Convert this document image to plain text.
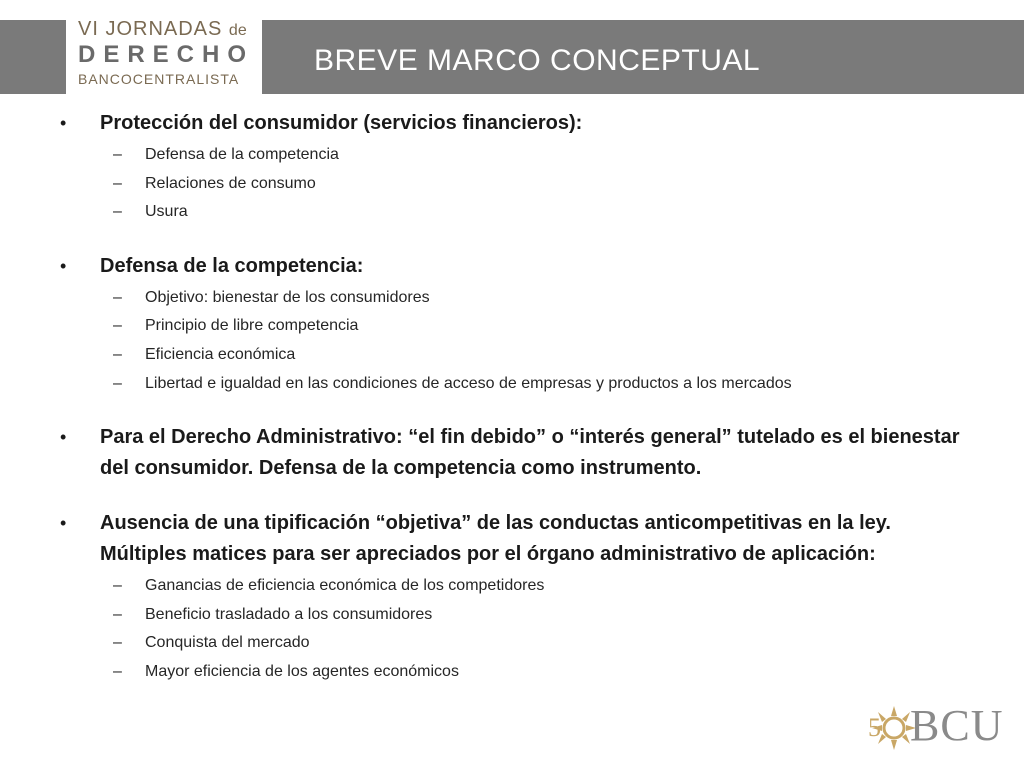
VI JORNADAS de
DERECHO
BANCOCENTRALISTA
BREVE MARCO CONCEPTUAL
• Protección del consumidor (servicios financieros):
– Defensa de la competencia
– Relaciones de consumo
– Usura
• Defensa de la competencia:
– Objetivo: bienestar de los consumidores
– Principio de libre competencia
– Eficiencia económica
– Libertad e igualdad en las condiciones de acceso de empresas y productos a los mercados
• Para el Derecho Administrativo: “el fin debido” o “interés general” tutelado es el bienestar del consumidor. Defensa de la competencia como instrumento.
• Ausencia de una tipificación “objetiva” de las conductas anticompetitivas en la ley. Múltiples matices para ser apreciados por el órgano administrativo de aplicación:
– Ganancias de eficiencia económica de los competidores
– Beneficio trasladado a los consumidores
– Conquista del mercado
– Mayor eficiencia de los agentes económicos
5 BCU
